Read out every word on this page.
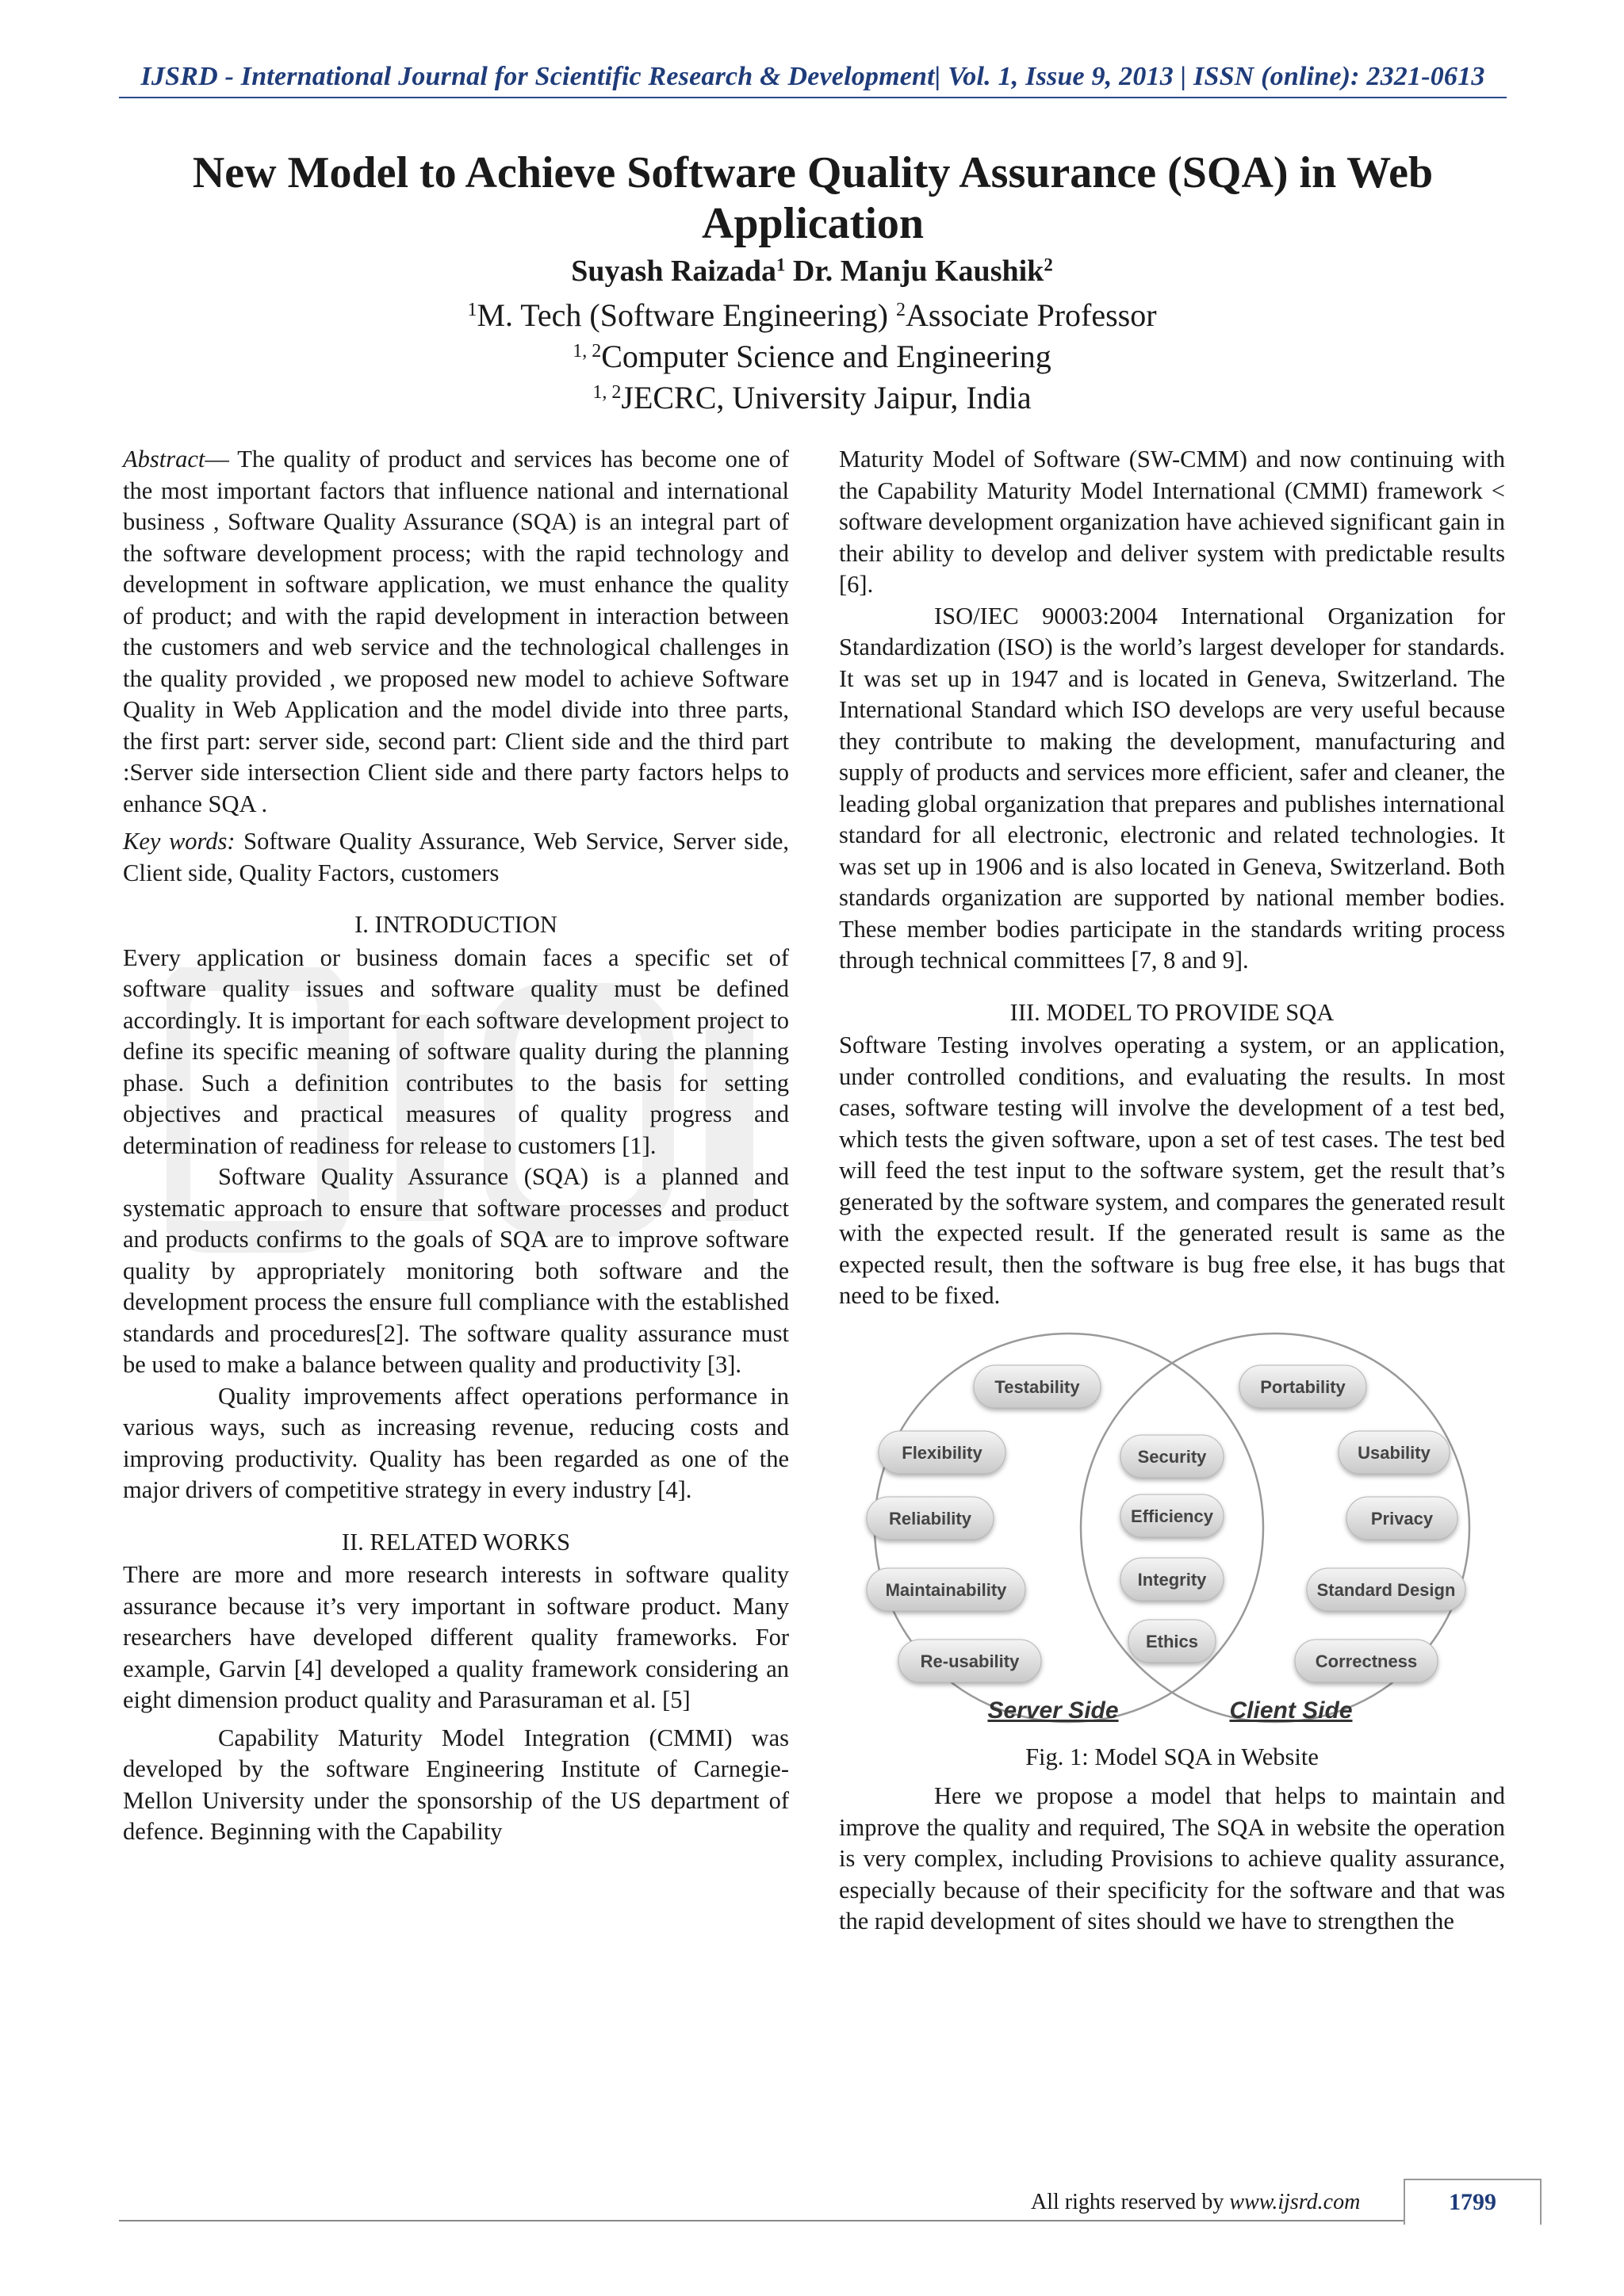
IJSRD - International Journal for Scientific Research & Development| Vol. 1, Issue 9, 2013 | ISSN (online): 2321-0613
New Model to Achieve Software Quality Assurance (SQA) in Web
Application
Suyash Raizada$^1$ Dr. Manju Kaushik$^2$
$^1$M. Tech (Software Engineering) $^2$Associate Professor
$^{1, 2}$Computer Science and Engineering
$^{1, 2}$JECRC, University Jaipur, India

Abstract— The quality of product and services has become one of the most important factors that influence national and international business , Software Quality Assurance (SQA) is an integral part of the software development process; with the rapid technology and development in software application, we must enhance the quality of product; and with the rapid development in interaction between the customers and web service and the technological challenges in the quality provided , we proposed new model to achieve Software Quality in Web Application and the model divide into three parts, the first part: server side, second part: Client side and the third part :Server side intersection Client side and there party factors helps to enhance SQA .

Key words: Software Quality Assurance, Web Service, Server side, Client side, Quality Factors, customers

I. INTRODUCTION

Every application or business domain faces a specific set of software quality issues and software quality must be defined accordingly. It is important for each software development project to define its specific meaning of software quality during the planning phase. Such a definition contributes to the basis for setting objectives and practical measures of quality progress and determination of readiness for release to customers [1].

Software Quality Assurance (SQA) is a planned and systematic approach to ensure that software processes and product and products confirms to the goals of SQA are to improve software quality by appropriately monitoring both software and the development process the ensure full compliance with the established standards and procedures[2]. The software quality assurance must be used to make a balance between quality and productivity [3].

Quality improvements affect operations performance in various ways, such as increasing revenue, reducing costs and improving productivity. Quality has been regarded as one of the major drivers of competitive strategy in every industry [4].

II. RELATED WORKS

There are more and more research interests in software quality assurance because it’s very important in software product. Many researchers have developed different quality frameworks. For example, Garvin [4] developed a quality framework considering an eight dimension product quality and Parasuraman et al. [5]

Capability Maturity Model Integration (CMMI) was developed by the software Engineering Institute of Carnegie- Mellon University under the sponsorship of the US department of defence. Beginning with the Capability

Maturity Model of Software (SW-CMM) and now continuing with the Capability Maturity Model International (CMMI) framework < software development organization have achieved significant gain in their ability to develop and deliver system with predictable results [6].

ISO/IEC 90003:2004 International Organization for Standardization (ISO) is the world’s largest developer for standards. It was set up in 1947 and is located in Geneva, Switzerland. The International Standard which ISO develops are very useful because they contribute to making the development, manufacturing and supply of products and services more efficient, safer and cleaner, the leading global organization that prepares and publishes international standard for all electronic, electronic and related technologies. It was set up in 1906 and is also located in Geneva, Switzerland. Both standards organization are supported by national member bodies. These member bodies participate in the standards writing process through technical committees [7, 8 and 9].

III. MODEL TO PROVIDE SQA

Software Testing involves operating a system, or an application, under controlled conditions, and evaluating the results. In most cases, software testing will involve the development of a test bed, which tests the given software, upon a set of test cases. The test bed will feed the test input to the software system, get the result that’s generated by the software system, and compares the generated result with the expected result. If the generated result is same as the expected result, then the software is bug free else, it has bugs that need to be fixed.

Testability
Flexibility
Reliability
Maintainability
Re-usability
Security
Efficiency
Integrity
Ethics
Portability
Usability
Privacy
Standard Design
Correctness
Server Side	Client Side

Fig. 1: Model SQA in Website

Here we propose a model that helps to maintain and improve the quality and required, The SQA in website the operation is very complex, including Provisions to achieve quality assurance, especially because of their specificity for the software and that was the rapid development of sites should we have to strengthen the

All rights reserved by www.ijsrd.com	1799
